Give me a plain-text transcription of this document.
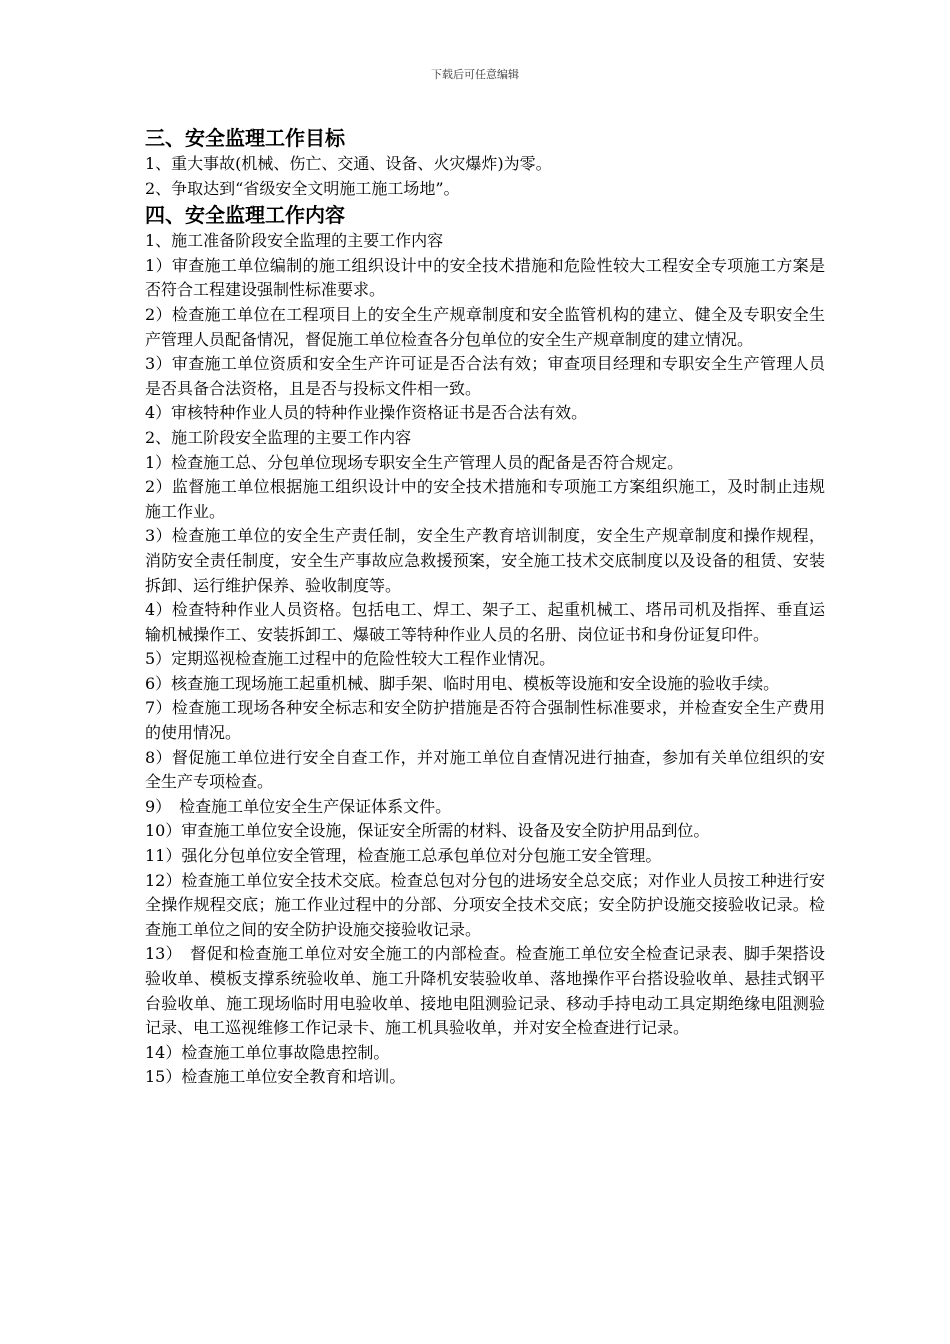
下载后可任意编辑

三、安全监理工作目标

1、重大事故(机械、伤亡、交通、设备、火灾爆炸)为零。

2、争取达到“省级安全文明施工施工场地”。

四、安全监理工作内容

1、施工准备阶段安全监理的主要工作内容

1）审查施工单位编制的施工组织设计中的安全技术措施和危险性较大工程安全专项施工方案是否符合工程建设强制性标准要求。

2）检查施工单位在工程项目上的安全生产规章制度和安全监管机构的建立、健全及专职安全生产管理人员配备情况，督促施工单位检查各分包单位的安全生产规章制度的建立情况。

3）审查施工单位资质和安全生产许可证是否合法有效；审查项目经理和专职安全生产管理人员是否具备合法资格，且是否与投标文件相一致。

4）审核特种作业人员的特种作业操作资格证书是否合法有效。

2、施工阶段安全监理的主要工作内容

1）检查施工总、分包单位现场专职安全生产管理人员的配备是否符合规定。

2）监督施工单位根据施工组织设计中的安全技术措施和专项施工方案组织施工，及时制止违规施工作业。

3）检查施工单位的安全生产责任制，安全生产教育培训制度，安全生产规章制度和操作规程，消防安全责任制度，安全生产事故应急救援预案，安全施工技术交底制度以及设备的租赁、安装拆卸、运行维护保养、验收制度等。

4）检查特种作业人员资格。包括电工、焊工、架子工、起重机械工、塔吊司机及指挥、垂直运输机械操作工、安装拆卸工、爆破工等特种作业人员的名册、岗位证书和身份证复印件。

5）定期巡视检查施工过程中的危险性较大工程作业情况。

6）核查施工现场施工起重机械、脚手架、临时用电、模板等设施和安全设施的验收手续。

7）检查施工现场各种安全标志和安全防护措施是否符合强制性标准要求，并检查安全生产费用的使用情况。

8）督促施工单位进行安全自查工作，并对施工单位自查情况进行抽查，参加有关单位组织的安全生产专项检查。

9）　检查施工单位安全生产保证体系文件。

10）审查施工单位安全设施，保证安全所需的材料、设备及安全防护用品到位。

11）强化分包单位安全管理，检查施工总承包单位对分包施工安全管理。

12）检查施工单位安全技术交底。检查总包对分包的进场安全总交底；对作业人员按工种进行安全操作规程交底；施工作业过程中的分部、分项安全技术交底；安全防护设施交接验收记录。检查施工单位之间的安全防护设施交接验收记录。

13）　督促和检查施工单位对安全施工的内部检查。检查施工单位安全检查记录表、脚手架搭设验收单、模板支撑系统验收单、施工升降机安装验收单、落地操作平台搭设验收单、悬挂式钢平台验收单、施工现场临时用电验收单、接地电阻测验记录、移动手持电动工具定期绝缘电阻测验记录、电工巡视维修工作记录卡、施工机具验收单，并对安全检查进行记录。

14）检查施工单位事故隐患控制。

15）检查施工单位安全教育和培训。
